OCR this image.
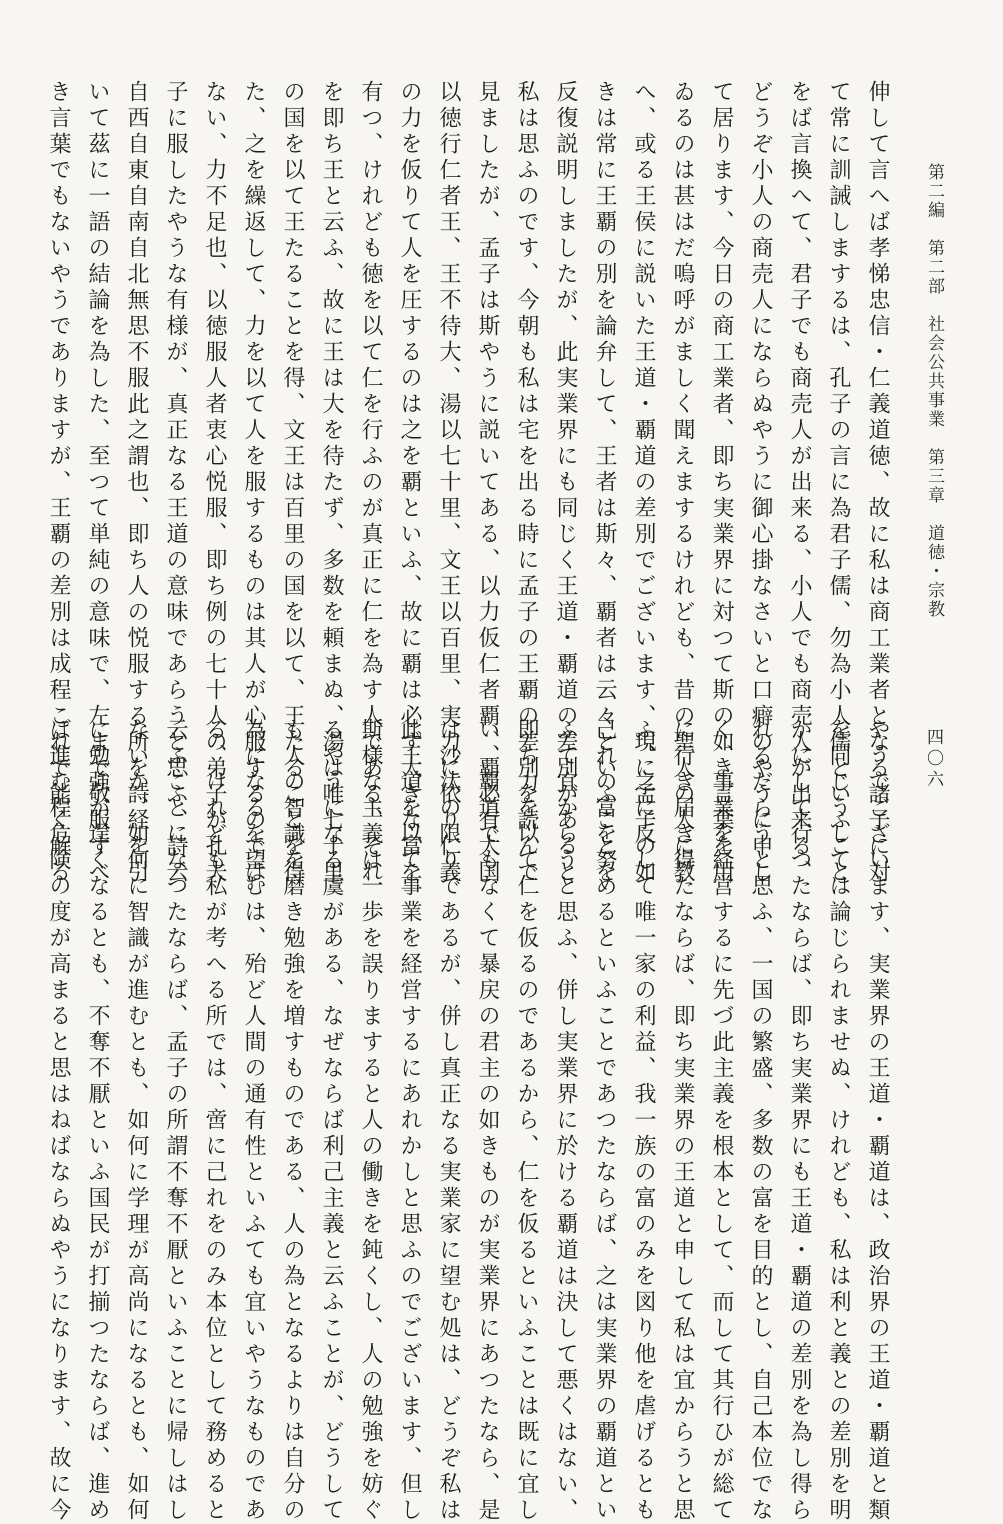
第二編　第二部　社会公共事業　第三章　道徳・宗教
四〇六
伸して言へば孝悌忠信・仁義道徳、故に私は商工業者となる諸子に対
て常に訓誡しまするは、孔子の言に為君子儒、勿為小人儒といふこと
をば言換へて、君子でも商売人が出来る、小人でも商売人が出来る、
どうぞ小人の商売人にならぬやうに御心掛なさいと口癖のやうに申し
て居ります、今日の商工業者、即ち実業界に対つて斯の如き言葉を用
ゐるのは甚はだ嗚呼がましく聞えまするけれども、昔の聖人の人に教
へ、或る王侯に説いた王道・覇道の差別でございます、現に孟子の如
きは常に王覇の別を論弁して、王者は斯々、覇者は云々といふことを
反復説明しましたが、此実業界にも同じく王道・覇道の差別があると
私は思ふのです、今朝も私は宅を出る時に孟子の王覇の差別を読んで
見ましたが、孟子は斯やうに説いてある、以力仮仁者覇、覇必有大国
以徳行仁者王、王不待大、湯以七十里、文王以百里、実力に依り仁義
の力を仮りて人を圧するのは之を覇といふ、故に覇は必ず大きな富を
有つ、けれども徳を以て仁を行ふのが真正に仁を為す人である、それ
を即ち王と云ふ、故に王は大を待たず、多数を頼まぬ、湯は唯七十里
の国を以て王たることを得、文王は百里の国を以て、王たることを得
た、之を繰返して、力を以て人を服するものは其人が心服するのでは
ない、力不足也、以徳服人者衷心悦服、即ち例の七十人の弟子が孔夫
子に服したやうな有様が、真正なる王道の意味であらうと思ふ、詩云
自西自東自南自北無思不服此之謂也、即ち人の悦服する所を詩経を引
いて茲に一語の結論を為した、至つて単純の意味で、左まで敬服すべ
き言葉でもないやうでありますが、王覇の差別は成程これで能く解る
やうでございます、実業界の王道・覇道は、政治界の王道・覇道と類
を同じうしては論じられませぬ、けれども、私は利と義との差別を明
かにして行つたならば、即ち実業界にも王道・覇道の差別を為し得ら
れるだらうと思ふ、一国の繁盛、多数の富を目的とし、自己本位でな
く、事業を経営するに先づ此主義を根本として、而して其行ひが総て
に行き届き得たならば、即ち実業界の王道と申して私は宜からうと思
ふ、之に反して唯一家の利益、我一族の富のみを図り他を虐げるとも
己れの富を努めるといふことであつたならば、之は実業界の覇道とい
ふて宜からうと思ふ、併し実業界に於ける覇道は決して悪くはない、
即ち力を以て仁を仮るのであるから、仁を仮るといふことは既に宜し
い、覇道でもなくて暴戻の君主の如きものが実業界にあつたなら、是
は沙汰の限りであるが、併し真正なる実業家に望む処は、どうぞ私は
此王道を以て事業を経営するにあれかしと思ふのでございます、但し
斯様な主義は一歩を誤りますると人の働きを鈍くし、人の勉強を妨ぐ
るやうになる虞がある、なぜならば利己主義と云ふことが、どうして
も人の智識を磨き勉強を増すものである、人の為となるよりは自分の
為になるを望むは、殆ど人間の通有性といふても宜いやうなものであ
る、けれども私が考へる所では、啻に己れをのみ本位として務めると
云ふことになつたならば、孟子の所謂不奪不厭といふことに帰しはし
ないか、如何に智識が進むとも、如何に学理が高尚になるとも、如何
に勉強が逞くなるとも、不奪不厭といふ国民が打揃つたならば、進め
ば進む程危険の度が高まると思はねばならぬやうになります、故に今
